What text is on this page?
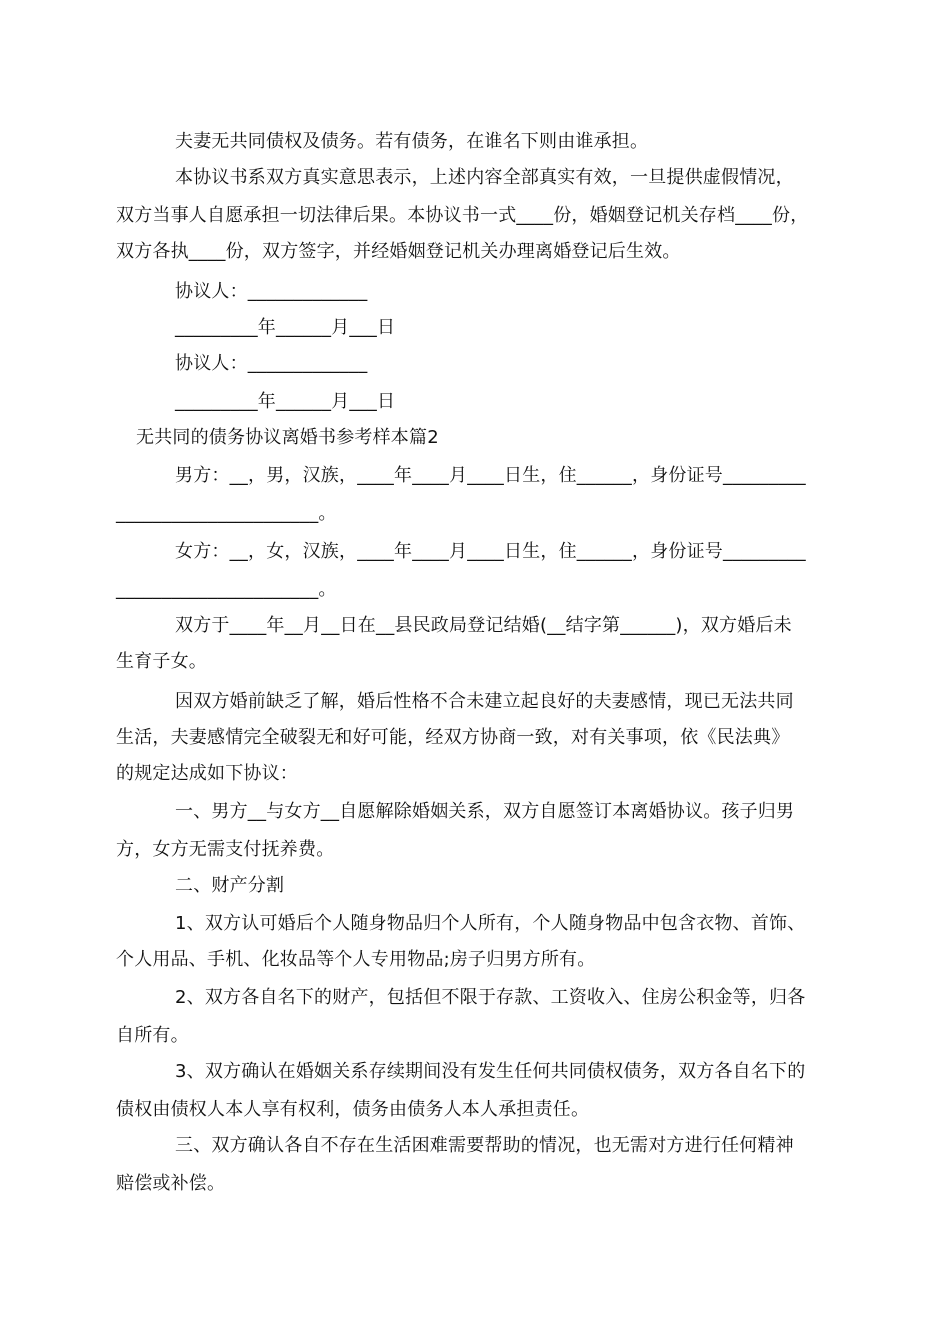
夫妻无共同债权及债务。若有债务，在谁名下则由谁承担。
本协议书系双方真实意思表示，上述内容全部真实有效，一旦提供虚假情况，
双方当事人自愿承担一切法律后果。本协议书一式____份，婚姻登记机关存档____份，
双方各执____份，双方签字，并经婚姻登记机关办理离婚登记后生效。
协议人：_____________
_________年______月___日
协议人：_____________
_________年______月___日
无共同的债务协议离婚书参考样本篇2
男方：__，男，汉族，____年____月____日生，住______，身份证号_________
______________________。
女方：__，女，汉族，____年____月____日生，住______，身份证号_________
______________________。
双方于____年__月__日在__县民政局登记结婚(__结字第______)，双方婚后未
生育子女。
因双方婚前缺乏了解，婚后性格不合未建立起良好的夫妻感情，现已无法共同
生活，夫妻感情完全破裂无和好可能，经双方协商一致，对有关事项，依《民法典》
的规定达成如下协议：
一、男方__与女方__自愿解除婚姻关系，双方自愿签订本离婚协议。孩子归男
方，女方无需支付抚养费。
二、财产分割
1、双方认可婚后个人随身物品归个人所有，个人随身物品中包含衣物、首饰、
个人用品、手机、化妆品等个人专用物品;房子归男方所有。
2、双方各自名下的财产，包括但不限于存款、工资收入、住房公积金等，归各
自所有。
3、双方确认在婚姻关系存续期间没有发生任何共同债权债务，双方各自名下的
债权由债权人本人享有权利，债务由债务人本人承担责任。
三、双方确认各自不存在生活困难需要帮助的情况，也无需对方进行任何精神
赔偿或补偿。
